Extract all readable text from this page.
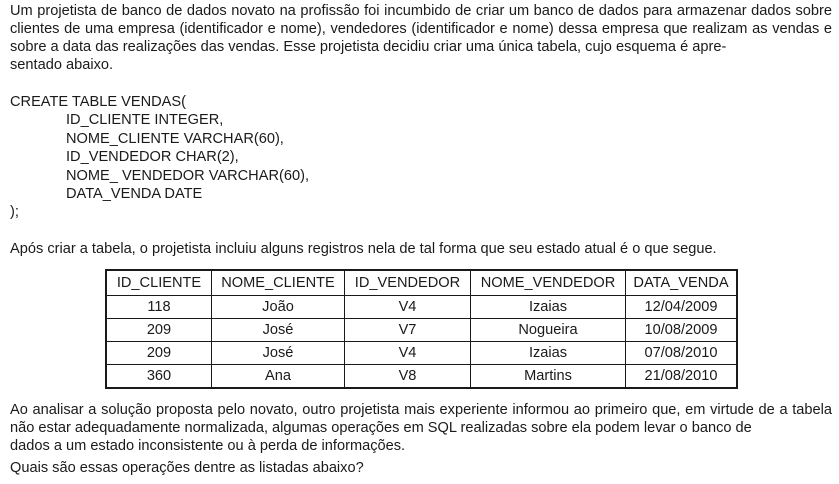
Um projetista de banco de dados novato na profissão foi incumbido de criar um banco de dados para armazenar dados sobre clientes de uma empresa (identificador e nome), vendedores (identificador e nome) dessa empresa que realizam as vendas e sobre a data das realizações das vendas. Esse projetista decidiu criar uma única tabela, cujo esquema é apre-
sentado abaixo.

CREATE TABLE VENDAS(
ID_CLIENTE INTEGER,
NOME_CLIENTE VARCHAR(60),
ID_VENDEDOR CHAR(2),
NOME_ VENDEDOR VARCHAR(60),
DATA_VENDA DATE
);

Após criar a tabela, o projetista incluiu alguns registros nela de tal forma que seu estado atual é o que segue.

ID_CLIENTE	NOME_CLIENTE	ID_VENDEDOR	NOME_VENDEDOR	DATA_VENDA
118	João	V4	Izaias	12/04/2009
209	José	V7	Nogueira	10/08/2009
209	José	V4	Izaias	07/08/2010
360	Ana	V8	Martins	21/08/2010

Ao analisar a solução proposta pelo novato, outro projetista mais experiente informou ao primeiro que, em virtude de a tabela não estar adequadamente normalizada, algumas operações em SQL realizadas sobre ela podem levar o banco de
dados a um estado inconsistente ou à perda de informações.

Quais são essas operações dentre as listadas abaixo?
